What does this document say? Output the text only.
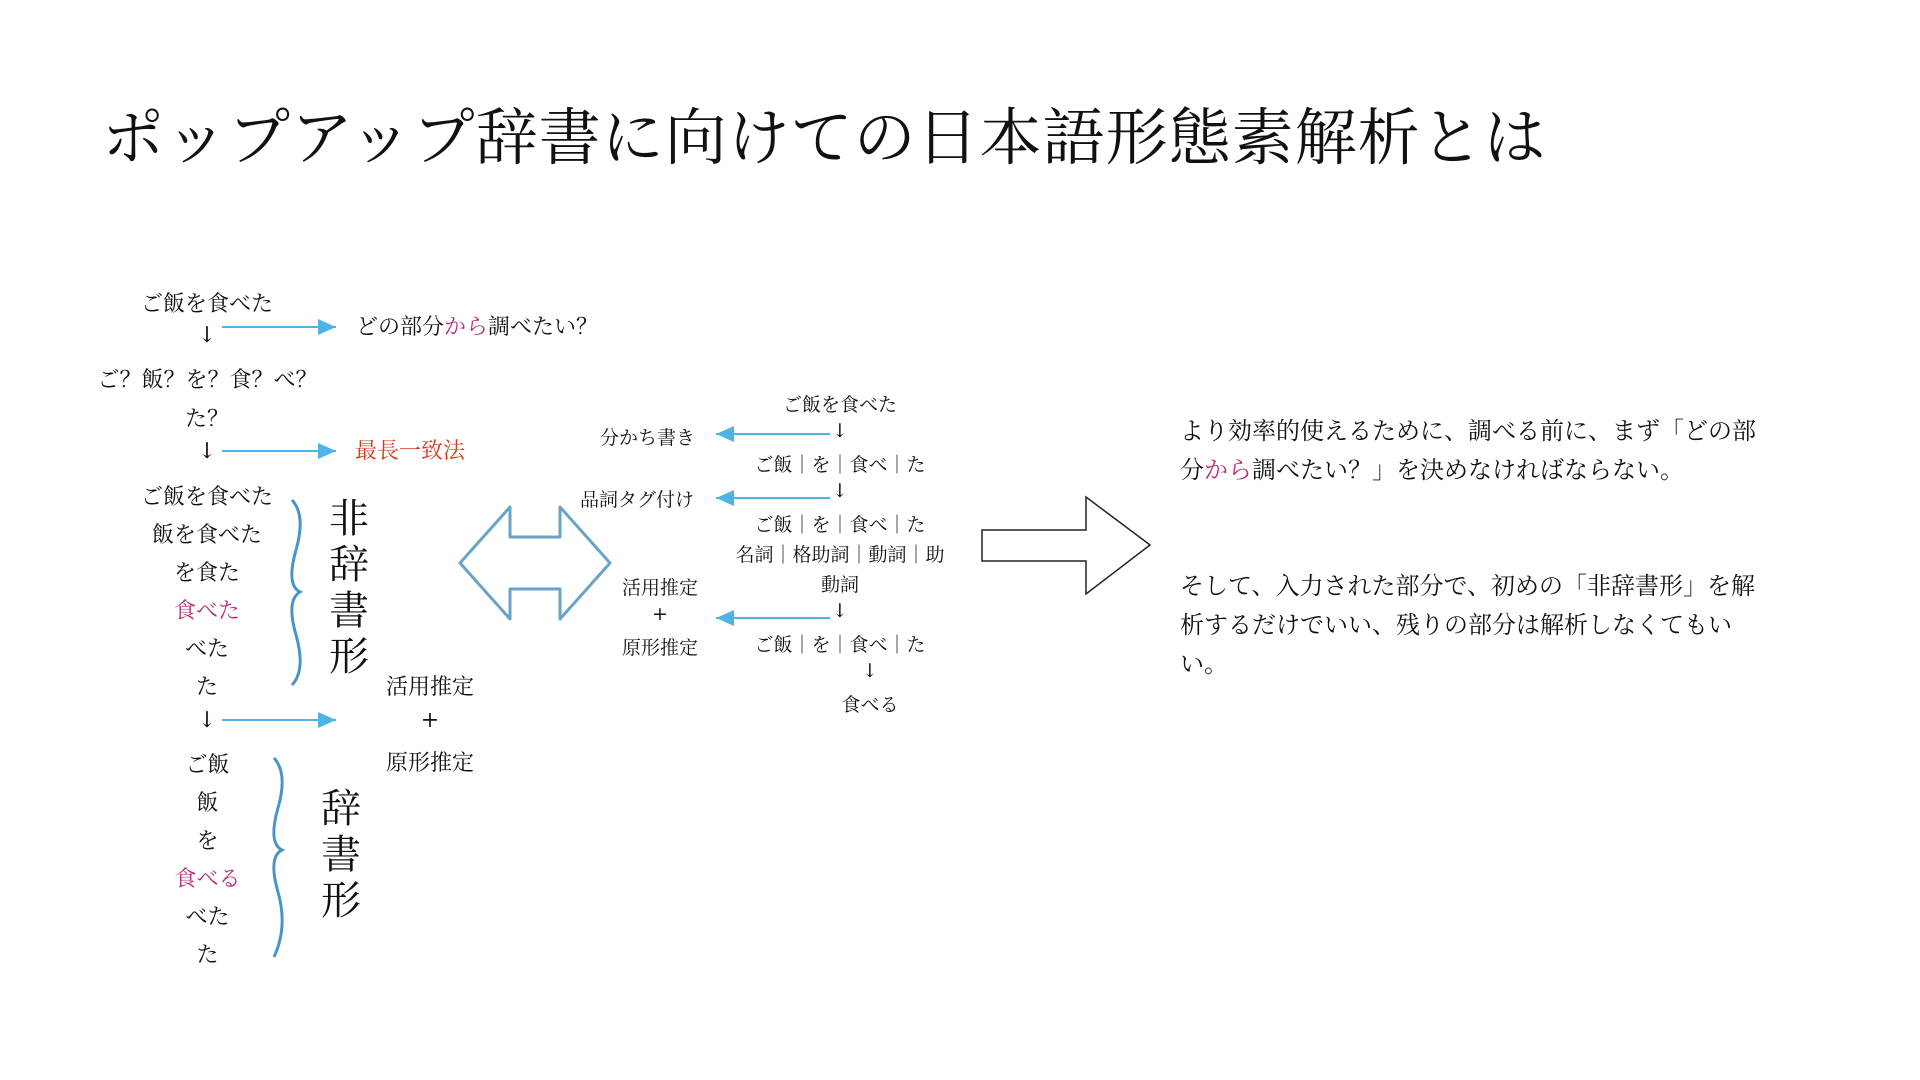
ポップアップ辞書に向けての日本語形態素解析とは
ご飯を食べた
↓	どの部分から調べたい？
ご？飯？を？食？べ？
た？
↓	最長一致法
ご飯を食べた
飯を食べた
を食た
食べた
べた
た
非
辞
書
形
↓
活用推定
+
原形推定
ご飯
飯
を
食べる
べた
た
辞
書
形
ご飯を食べた
↓
分かち書き
ご飯｜を｜食べ｜た
↓
品詞タグ付け
ご飯｜を｜食べ｜た
名詞｜格助詞｜動詞｜助
動詞
↓
活用推定
+
原形推定	ご飯｜を｜食べ｜た
↓
食べる
より効率的使えるために、調べる前に、まず「どの部分から調べたい？」を決めなければならない。
そして、入力された部分で、初めの「非辞書形」を解析するだけでいい、残りの部分は解析しなくてもいい。
